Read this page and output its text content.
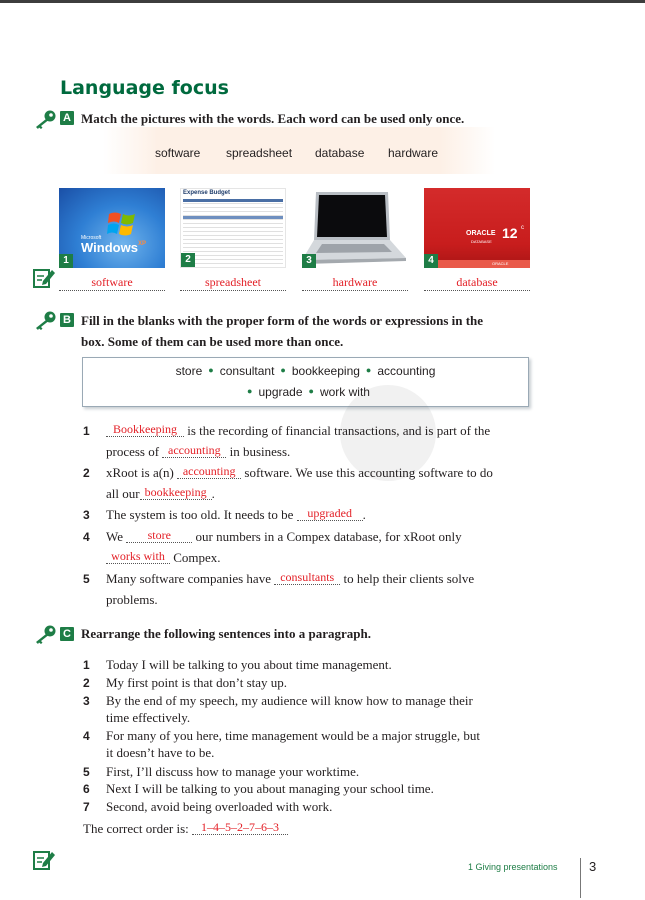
Language focus
A Match the pictures with the words. Each word can be used only once.
software spreadsheet database hardware
Microsoft
Windows XP
1
Expense Budget
2	3
ORACLE 12 c
DATABASE
ORACLE
4
software	spreadsheet	hardware	database
B Fill in the blanks with the proper form of the words or expressions in the
box. Some of them can be used more than once.
store ● consultant ● bookkeeping ● accounting
● upgrade ● work with
1	Bookkeeping is the recording of financial transactions, and is part of the
process of accounting in business.
2 xRoot is a(n) accounting software. We use this accounting software to do
all our bookkeeping .
3 The system is too old. It needs to be upgraded .
4 We store our numbers in a Compex database, for xRoot only
works with Compex.
5 Many software companies have consultants to help their clients solve
problems.
C Rearrange the following sentences into a paragraph.
1 Today I will be talking to you about time management.
2 My first point is that don’t stay up.
3 By the end of my speech, my audience will know how to manage their
time effectively.
4 For many of you here, time management would be a major struggle, but
it doesn’t have to be.
5 First, I’ll discuss how to manage your worktime.
6 Next I will be talking to you about managing your school time.
7 Second, avoid being overloaded with work.
The correct order is: 1–4–5–2–7–6–3
1 Giving presentations 3
